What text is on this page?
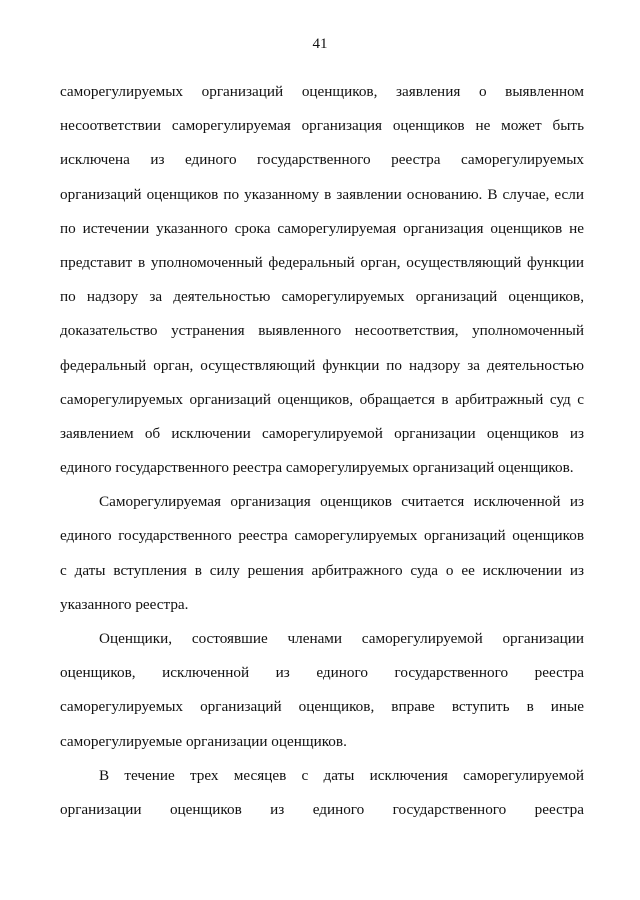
41
саморегулируемых организаций оценщиков, заявления о выявленном
несоответствии саморегулируемая организация оценщиков не может быть
исключена из единого государственного реестра саморегулируемых
организаций оценщиков по указанному в заявлении основанию. В случае, если
по истечении указанного срока саморегулируемая организация оценщиков не
представит в уполномоченный федеральный орган, осуществляющий функции
по надзору за деятельностью саморегулируемых организаций оценщиков,
доказательство устранения выявленного несоответствия, уполномоченный
федеральный орган, осуществляющий функции по надзору за деятельностью
саморегулируемых организаций оценщиков, обращается в арбитражный суд с
заявлением об исключении саморегулируемой организации оценщиков из
единого государственного реестра саморегулируемых организаций оценщиков.
Саморегулируемая организация оценщиков считается исключенной из
единого государственного реестра саморегулируемых организаций оценщиков
с даты вступления в силу решения арбитражного суда о ее исключении из
указанного реестра.
Оценщики, состоявшие членами саморегулируемой организации
оценщиков, исключенной из единого государственного реестра
саморегулируемых организаций оценщиков, вправе вступить в иные
саморегулируемые организации оценщиков.
В течение трех месяцев с даты исключения саморегулируемой
организации оценщиков из единого государственного реестра
